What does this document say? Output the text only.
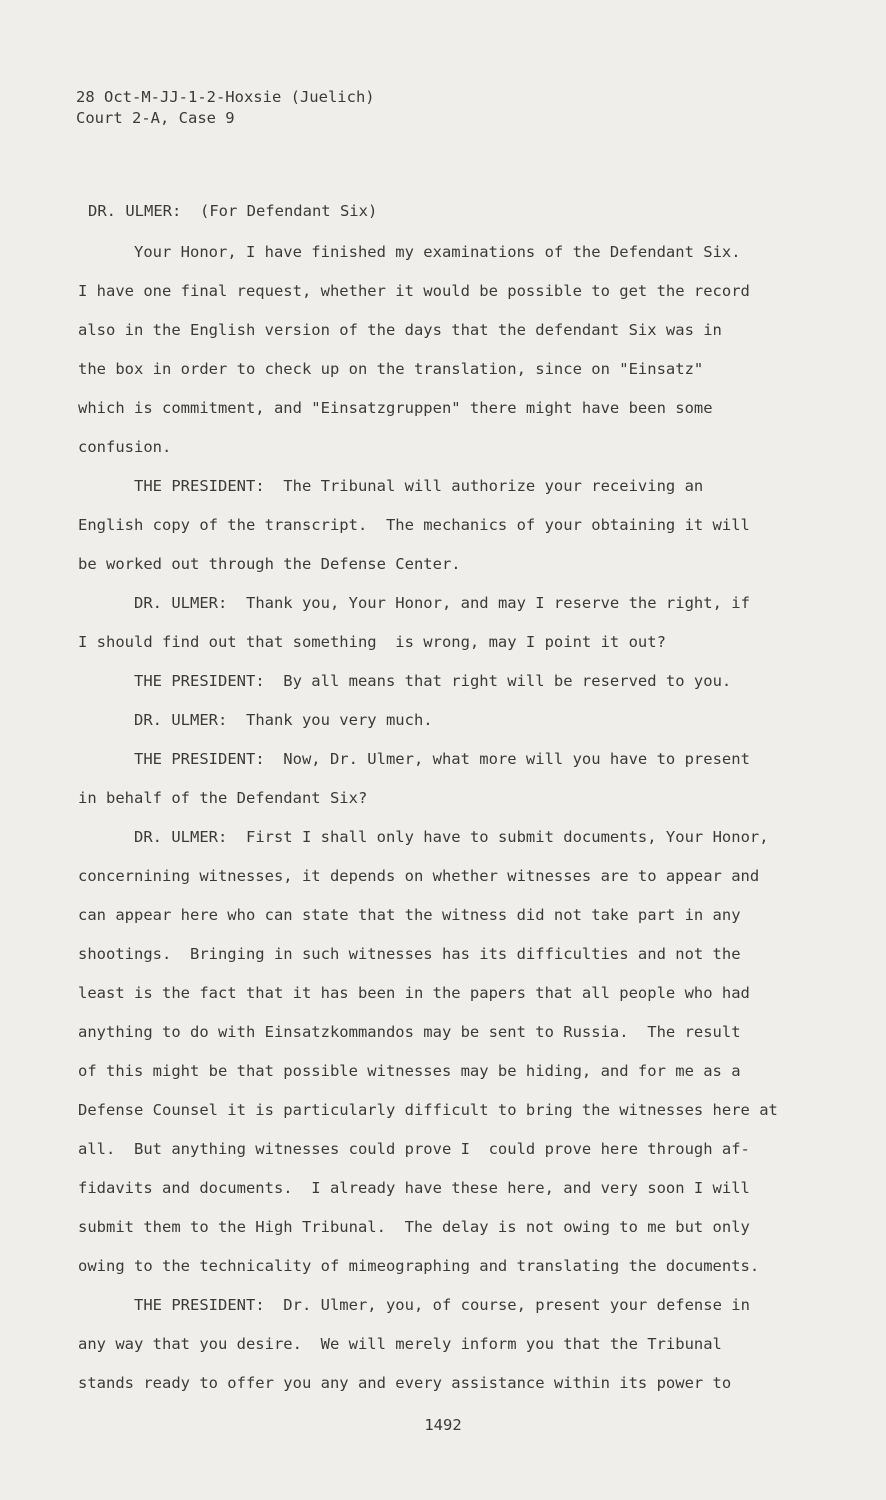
28 Oct-M-JJ-1-2-Hoxsie (Juelich)
Court 2-A, Case 9
DR. ULMER:  (For Defendant Six)
Your Honor, I have finished my examinations of the Defendant Six.
I have one final request, whether it would be possible to get the record
also in the English version of the days that the defendant Six was in
the box in order to check up on the translation, since on "Einsatz"
which is commitment, and "Einsatzgruppen" there might have been some
confusion.
THE PRESIDENT:  The Tribunal will authorize your receiving an
English copy of the transcript.  The mechanics of your obtaining it will
be worked out through the Defense Center.
DR. ULMER:  Thank you, Your Honor, and may I reserve the right, if
I should find out that something  is wrong, may I point it out?
THE PRESIDENT:  By all means that right will be reserved to you.
DR. ULMER:  Thank you very much.
THE PRESIDENT:  Now, Dr. Ulmer, what more will you have to present
in behalf of the Defendant Six?
DR. ULMER:  First I shall only have to submit documents, Your Honor,
concernining witnesses, it depends on whether witnesses are to appear and
can appear here who can state that the witness did not take part in any
shootings.  Bringing in such witnesses has its difficulties and not the
least is the fact that it has been in the papers that all people who had
anything to do with Einsatzkommandos may be sent to Russia.  The result
of this might be that possible witnesses may be hiding, and for me as a
Defense Counsel it is particularly difficult to bring the witnesses here at
all.  But anything witnesses could prove I  could prove here through af-
fidavits and documents.  I already have these here, and very soon I will
submit them to the High Tribunal.  The delay is not owing to me but only
owing to the technicality of mimeographing and translating the documents.
THE PRESIDENT:  Dr. Ulmer, you, of course, present your defense in
any way that you desire.  We will merely inform you that the Tribunal
stands ready to offer you any and every assistance within its power to
1492
